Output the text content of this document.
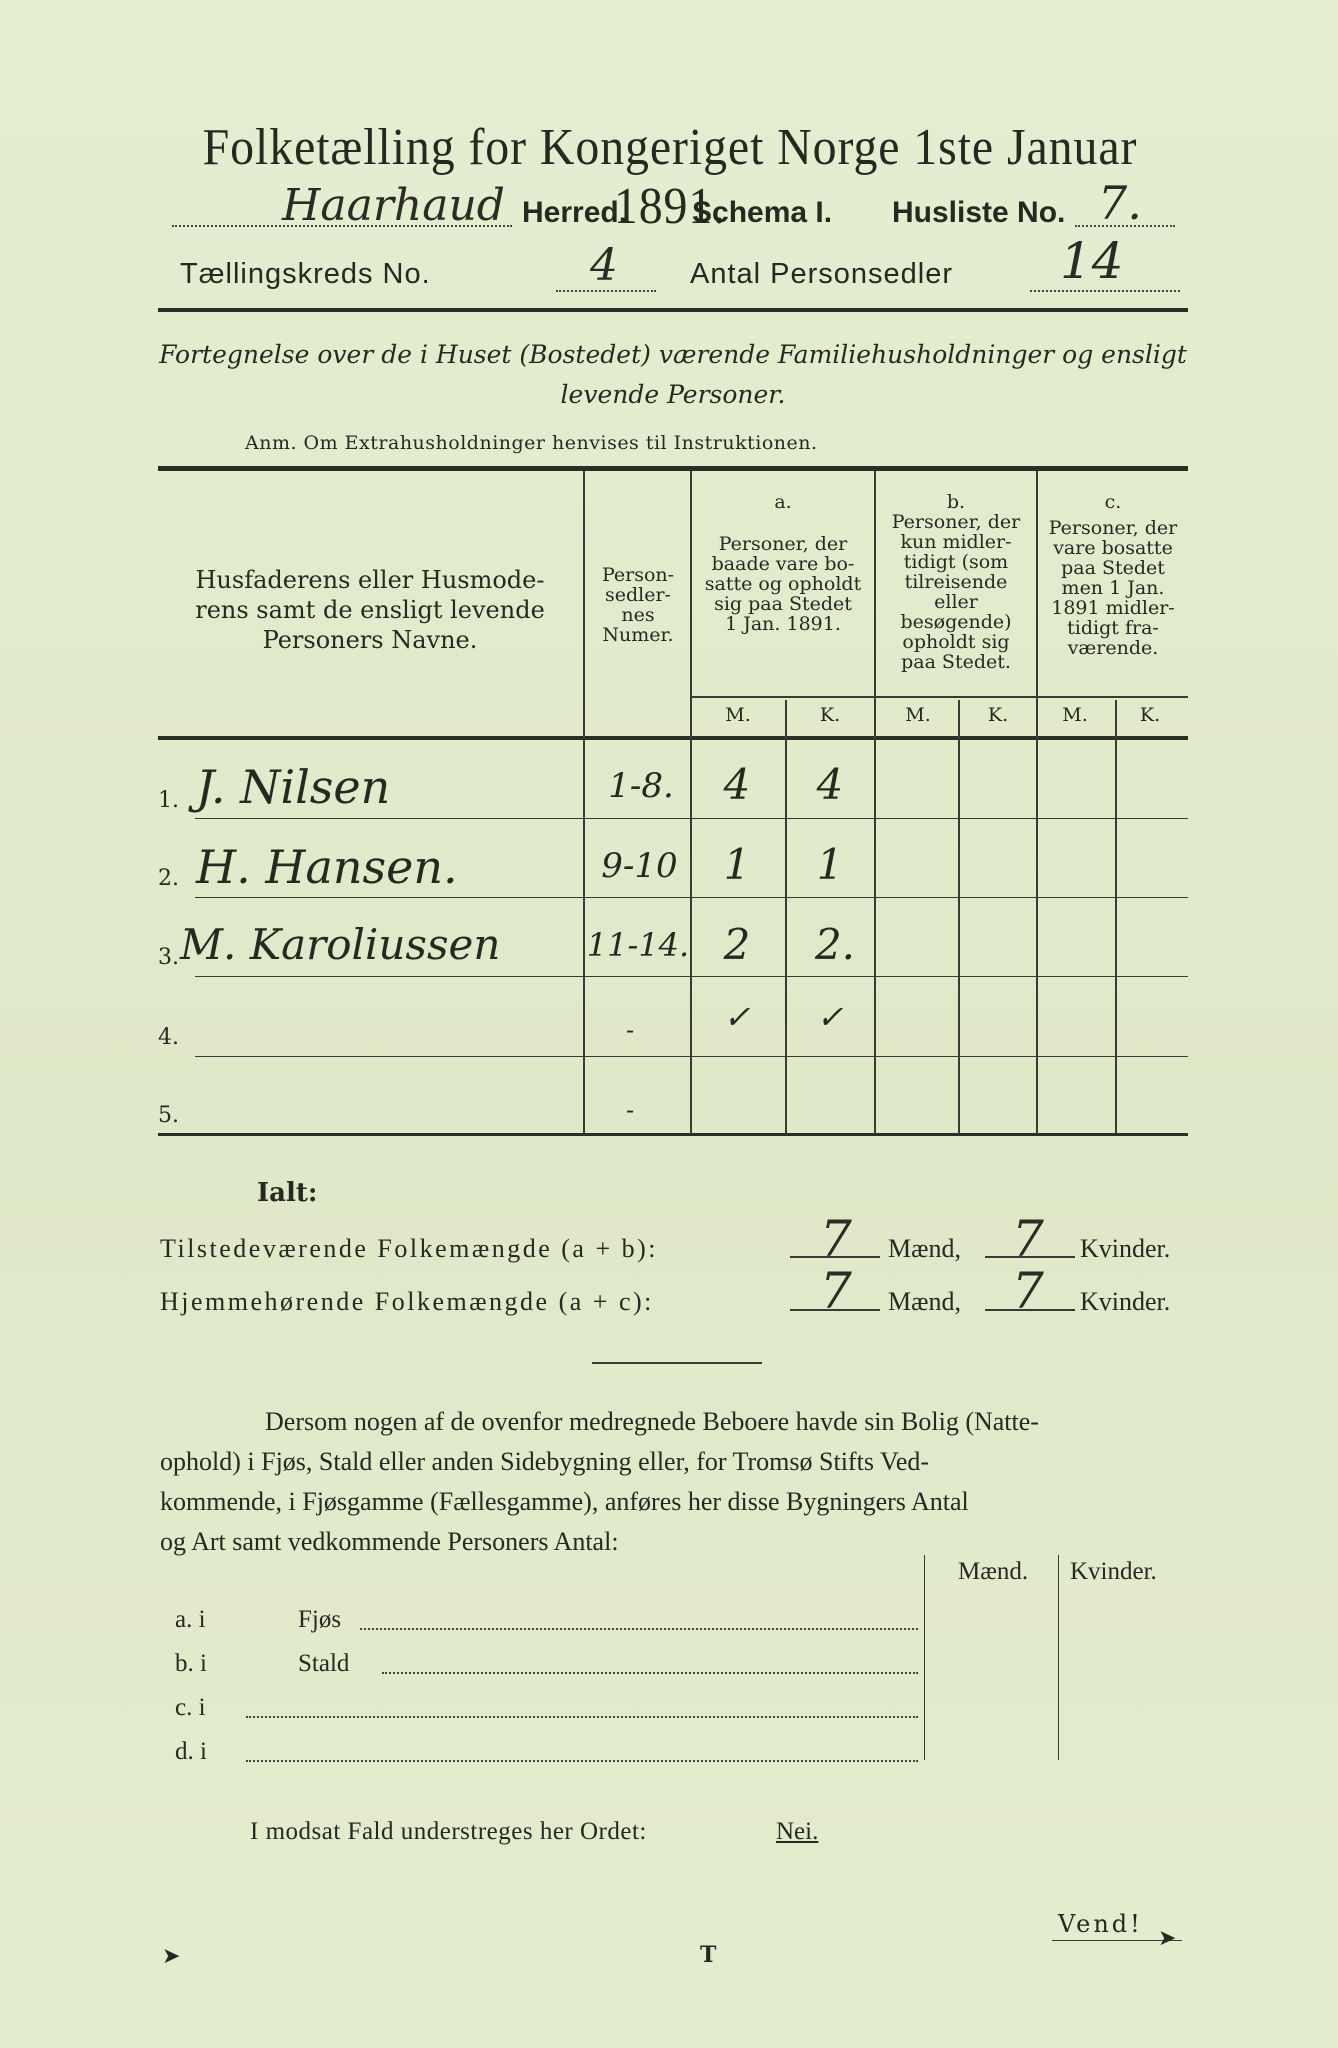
Folketælling for Kongeriget Norge 1ste Januar 1891.
Haarhaud Herred. Schema I. Husliste No. 7.
Tællingskreds No.	4 Antal Personsedler 14
Fortegnelse over de i Huset (Bostedet) værende Familiehusholdninger og ensligt
levende Personer.
Anm. Om Extrahusholdninger henvises til Instruktionen.
Husfaderens eller Husmode-
rens samt de ensligt levende
Personers Navne.
Person-
sedler-
nes
Numer.
a.
Personer, der
baade vare bo-
satte og opholdt
sig paa Stedet
1 Jan. 1891.
b.
Personer, der
kun midler-
tidigt (som
tilreisende
eller
besøgende)
opholdt sig
paa Stedet.
c.
Personer, der
vare bosatte
paa Stedet
men 1 Jan.
1891 midler-
tidigt fra-
værende.
M.	K.	M.	K.	M.	K.
1. J. Nilsen	1-8.	4	4
2. H. Hansen.	9-10	1	1
3. M. Karoliussen	11-14. 2	2.
4.	-	✓	✓
5.	-
Ialt:
Tilstedeværende Folkemængde (a + b):	7 Mænd, 7 Kvinder.
Hjemmehørende Folkemængde (a + c):	7 Mænd, 7 Kvinder.
Dersom nogen af de ovenfor medregnede Beboere havde sin Bolig (Natte-
ophold) i Fjøs, Stald eller anden Sidebygning eller, for Tromsø Stifts Ved-
kommende, i Fjøsgamme (Fællesgamme), anføres her disse Bygningers Antal
og Art samt vedkommende Personers Antal:
Mænd. Kvinder.
a. i	Fjøs
b. i	Stald
c. i
d. i
I modsat Fald understreges her Ordet:	Nei.
Vend!
➤	T
➤
